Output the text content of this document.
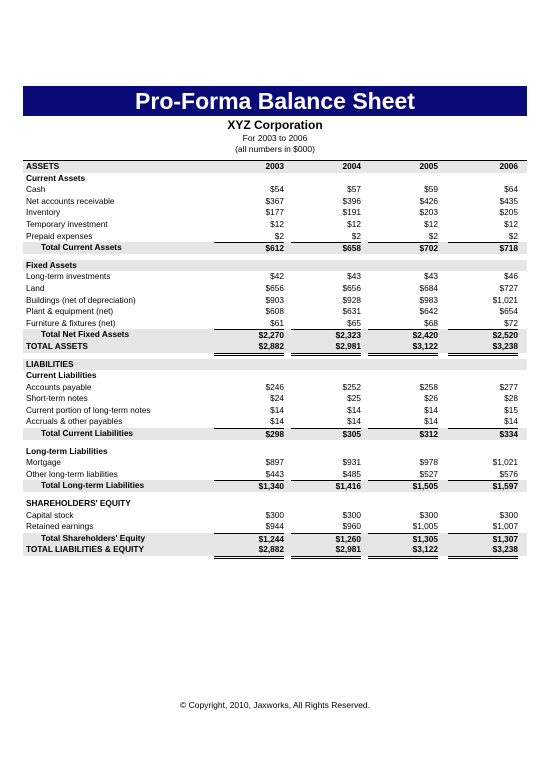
Pro-Forma Balance Sheet
XYZ Corporation
For 2003 to 2006
(all numbers in $000)
ASSETS	2003	2004	2005	2006
Current Assets
Cash	$54	$57	$59	$64
Net accounts receivable	$367	$396	$426	$435
Inventory	$177	$191	$203	$205
Temporary investment	$12	$12	$12	$12
Prepaid expenses	$2	$2	$2	$2
Total Current Assets	$612	$658	$702	$718
Fixed Assets
Long-term investments	$42	$43	$43	$46
Land	$656	$656	$684	$727
Buildings (net of depreciation)	$903	$928	$983	$1,021
Plant & equipment (net)	$608	$631	$642	$654
Furniture & fixtures (net)	$61	$65	$68	$72
Total Net Fixed Assets	$2,270	$2,323	$2,420	$2,520
TOTAL ASSETS	$2,882	$2,981	$3,122	$3,238
LIABILITIES
Current Liabilities
Accounts payable	$246	$252	$258	$277
Short-term notes	$24	$25	$26	$28
Current portion of long-term notes	$14	$14	$14	$15
Accruals & other payables	$14	$14	$14	$14
Total Current Liabilities	$298	$305	$312	$334
Long-term Liabilities
Mortgage	$897	$931	$978	$1,021
Other long-term liabilities	$443	$485	$527	$576
Total Long-term Liabilities	$1,340	$1,416	$1,505	$1,597
SHAREHOLDERS' EQUITY
Capital stock	$300	$300	$300	$300
Retained earnings	$944	$960	$1,005	$1,007
Total Shareholders' Equity	$1,244	$1,260	$1,305	$1,307
TOTAL LIABILITIES & EQUITY	$2,882	$2,981	$3,122	$3,238
© Copyright, 2010, Jaxworks, All Rights Reserved.
